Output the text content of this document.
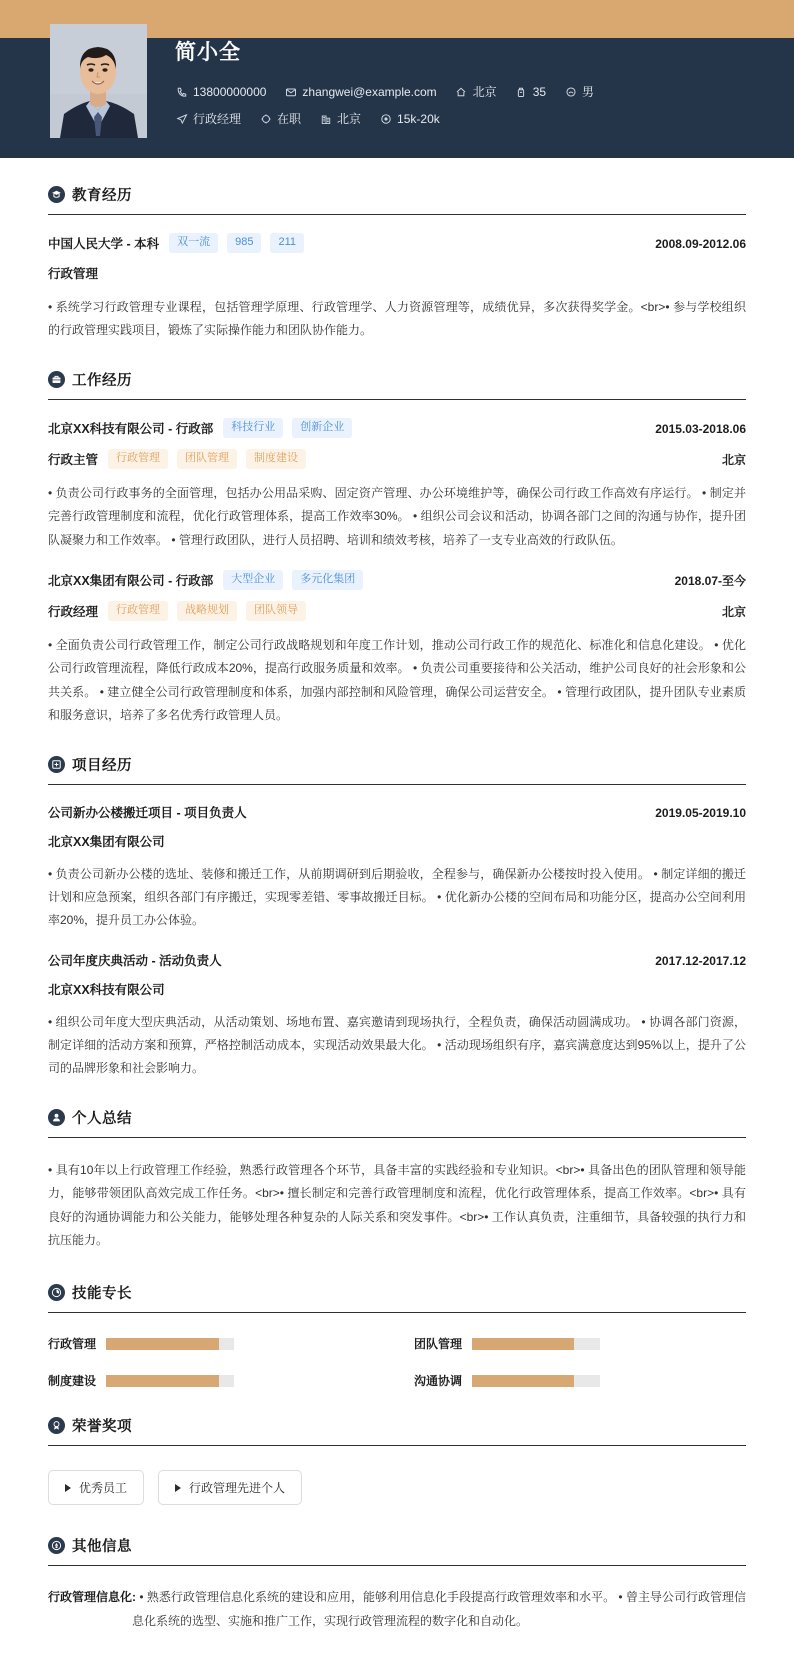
简小全
13800000000	zhangwei@example.com	北京	35	男
行政经理	在职	北京	15k-20k
教育经历
中国人民大学 - 本科	双一流	985	211	2008.09-2012.06
行政管理
• 系统学习行政管理专业课程，包括管理学原理、行政管理学、人力资源管理等，成绩优异，多次获得奖学金。<br>• 参与学校组织的行政管理实践项目，锻炼了实际操作能力和团队协作能力。
工作经历
北京XX科技有限公司 - 行政部	科技行业	创新企业	2015.03-2018.06
行政主管	行政管理	团队管理	制度建设	北京
• 负责公司行政事务的全面管理，包括办公用品采购、固定资产管理、办公环境维护等，确保公司行政工作高效有序运行。 • 制定并完善行政管理制度和流程，优化行政管理体系，提高工作效率30%。 • 组织公司会议和活动，协调各部门之间的沟通与协作，提升团队凝聚力和工作效率。 • 管理行政团队，进行人员招聘、培训和绩效考核，培养了一支专业高效的行政队伍。
北京XX集团有限公司 - 行政部	大型企业	多元化集团	2018.07-至今
行政经理	行政管理	战略规划	团队领导	北京
• 全面负责公司行政管理工作，制定公司行政战略规划和年度工作计划，推动公司行政工作的规范化、标准化和信息化建设。 • 优化公司行政管理流程，降低行政成本20%，提高行政服务质量和效率。 • 负责公司重要接待和公关活动，维护公司良好的社会形象和公共关系。 • 建立健全公司行政管理制度和体系，加强内部控制和风险管理，确保公司运营安全。 • 管理行政团队，提升团队专业素质和服务意识，培养了多名优秀行政管理人员。
项目经历
公司新办公楼搬迁项目 - 项目负责人	2019.05-2019.10
北京XX集团有限公司
• 负责公司新办公楼的选址、装修和搬迁工作，从前期调研到后期验收，全程参与，确保新办公楼按时投入使用。 • 制定详细的搬迁计划和应急预案，组织各部门有序搬迁，实现零差错、零事故搬迁目标。 • 优化新办公楼的空间布局和功能分区，提高办公空间利用率20%，提升员工办公体验。
公司年度庆典活动 - 活动负责人	2017.12-2017.12
北京XX科技有限公司
• 组织公司年度大型庆典活动，从活动策划、场地布置、嘉宾邀请到现场执行，全程负责，确保活动圆满成功。 • 协调各部门资源，制定详细的活动方案和预算，严格控制活动成本，实现活动效果最大化。 • 活动现场组织有序，嘉宾满意度达到95%以上，提升了公司的品牌形象和社会影响力。
个人总结
• 具有10年以上行政管理工作经验，熟悉行政管理各个环节，具备丰富的实践经验和专业知识。<br>• 具备出色的团队管理和领导能力，能够带领团队高效完成工作任务。<br>• 擅长制定和完善行政管理制度和流程，优化行政管理体系，提高工作效率。<br>• 具有良好的沟通协调能力和公关能力，能够处理各种复杂的人际关系和突发事件。<br>• 工作认真负责，注重细节，具备较强的执行力和抗压能力。
技能专长
行政管理	团队管理
制度建设	沟通协调
荣誉奖项
优秀员工	行政管理先进个人
其他信息
行政管理信息化: • 熟悉行政管理信息化系统的建设和应用，能够利用信息化手段提高行政管理效率和水平。 • 曾主导公司行政管理信息化系统的选型、实施和推广工作，实现行政管理流程的数字化和自动化。
